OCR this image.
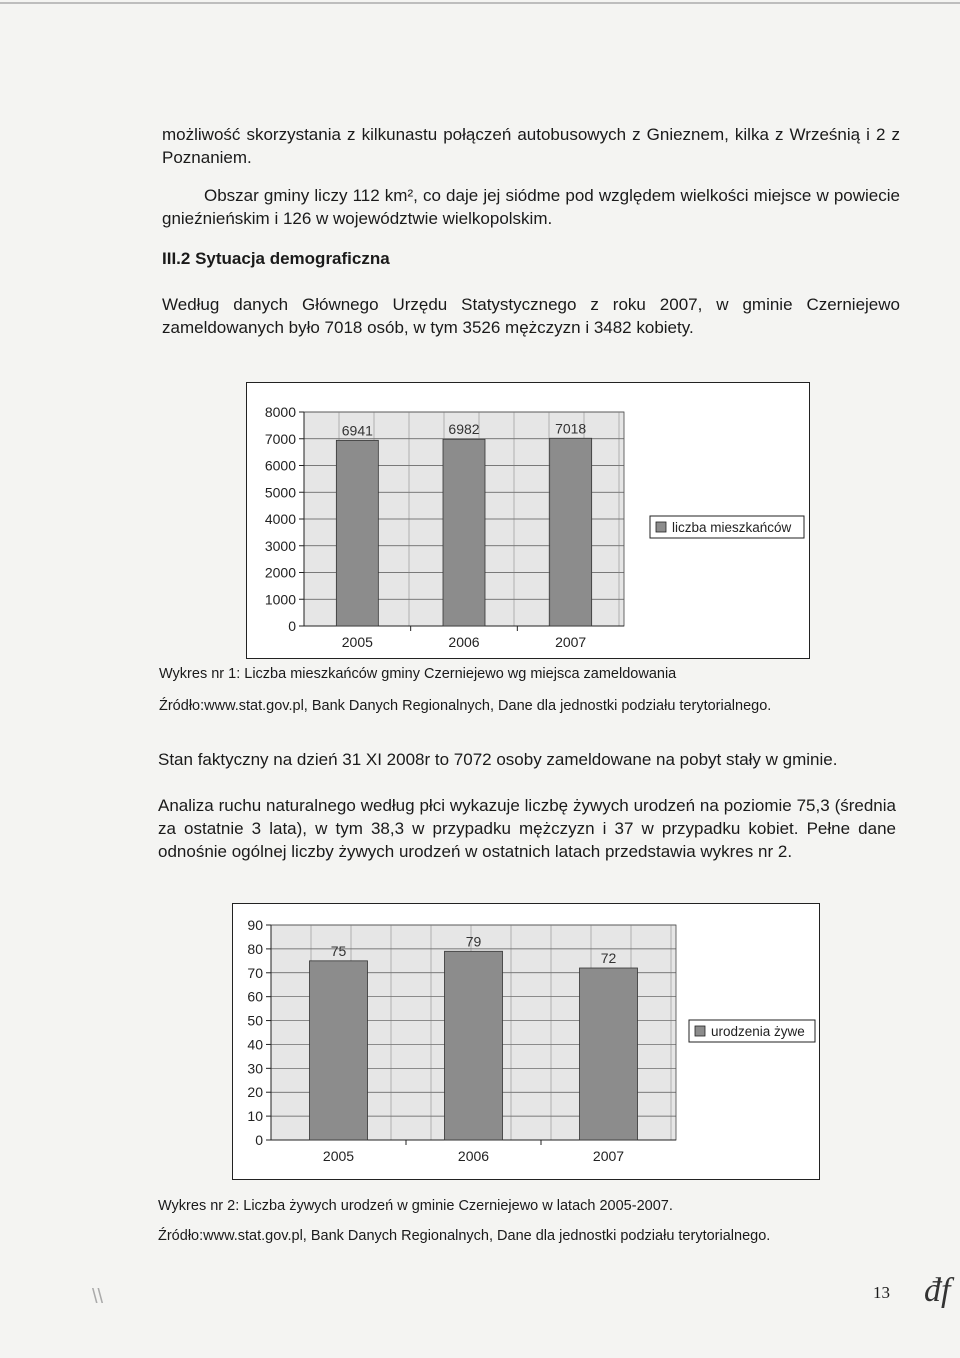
możliwość skorzystania z kilkunastu połączeń autobusowych z Gnieznem, kilka z Wrześnią i 2 z Poznaniem.

Obszar gminy liczy 112 km², co daje jej siódme pod względem wielkości miejsce w powiecie gnieźnieńskim i 126 w województwie wielkopolskim.

III.2 Sytuacja demograficzna

Według danych Głównego Urzędu Statystycznego z roku 2007, w gminie Czerniejewo zameldowanych było 7018 osób, w tym 3526 mężczyzn i 3482 kobiety.

0
1000
2000
3000
4000
5000
6000
7000
8000
6941
2005
6982
2006
7018
2007
liczba mieszkańców

Wykres nr 1: Liczba mieszkańców gminy Czerniejewo wg miejsca zameldowania

Źródło:www.stat.gov.pl, Bank Danych Regionalnych, Dane dla jednostki podziału terytorialnego.

Stan faktyczny na dzień 31 XI 2008r to 7072 osoby zameldowane na pobyt stały w gminie.

Analiza ruchu naturalnego według płci wykazuje liczbę żywych urodzeń na poziomie 75,3 (średnia za ostatnie 3 lata), w tym 38,3 w przypadku mężczyzn i 37 w przypadku kobiet. Pełne dane odnośnie ogólnej liczby żywych urodzeń w ostatnich latach przedstawia wykres nr 2.

0
10
20
30
40
50
60
70
80
90
75
2005
79
2006
72
2007
urodzenia żywe

Wykres nr 2: Liczba żywych urodzeń w gminie Czerniejewo w latach 2005-2007.

Źródło:www.stat.gov.pl, Bank Danych Regionalnych, Dane dla jednostki podziału terytorialnego.

\\	13 đf
